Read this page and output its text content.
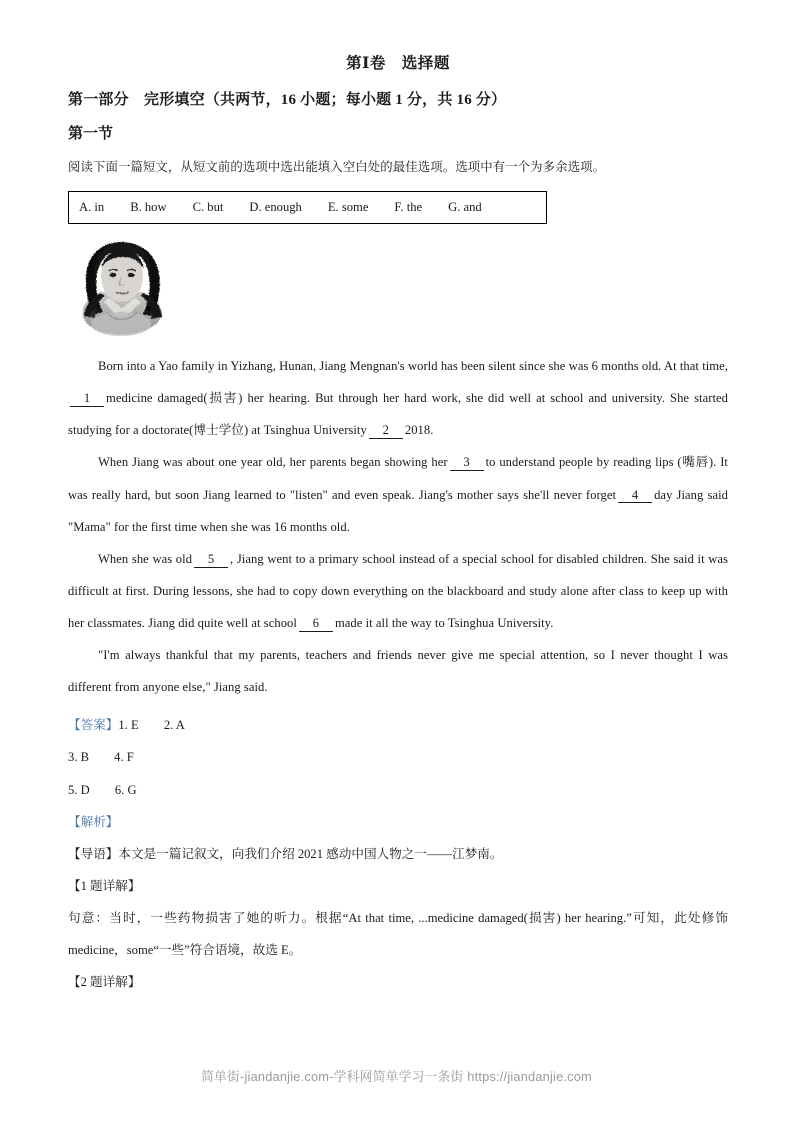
第Ⅰ卷　选择题
第一部分　完形填空（共两节，16 小题；每小题 1 分，共 16 分）
第一节
阅读下面一篇短文，从短文前的选项中选出能填入空白处的最佳选项。选项中有一个为多余选项。
A. in B. how C. but D. enough E. some F. the G. and

Born into a Yao family in Yizhang, Hunan, Jiang Mengnan's world has been silent since she was 6 months old. At that time,1 medicine damaged(损害) her hearing. But through her hard work, she did well at school and university. She started studying for a doctorate(博士学位) at Tsinghua University 2 2018.

When Jiang was about one year old, her parents began showing her 3 to understand people by reading lips (嘴唇). It was really hard, but soon Jiang learned to "listen" and even speak. Jiang's mother says she'll never forget 4 day Jiang said "Mama" for the first time when she was 16 months old.

When she was old 5 , Jiang went to a primary school instead of a special school for disabled children. She said it was difficult at first. During lessons, she had to copy down everything on the blackboard and study alone after class to keep up with her classmates. Jiang did quite well at school 6 made it all the way to Tsinghua University.

"I'm always thankful that my parents, teachers and friends never give me special attention, so I never thought I was different from anyone else," Jiang said.

【答案】1. E　　2. A

3. B　　4. F

5. D　　6. G

【解析】

【导语】本文是一篇记叙文，向我们介绍 2021 感动中国人物之一——江梦南。

【1 题详解】

句意：当时，一些药物损害了她的听力。根据“At that time, ...medicine damaged(损害) her hearing.”可知，此处修饰 medicine，some“一些”符合语境，故选 E。

【2 题详解】

简单街-jiandanjie.com-学科网简单学习一条街 https://jiandanjie.com
